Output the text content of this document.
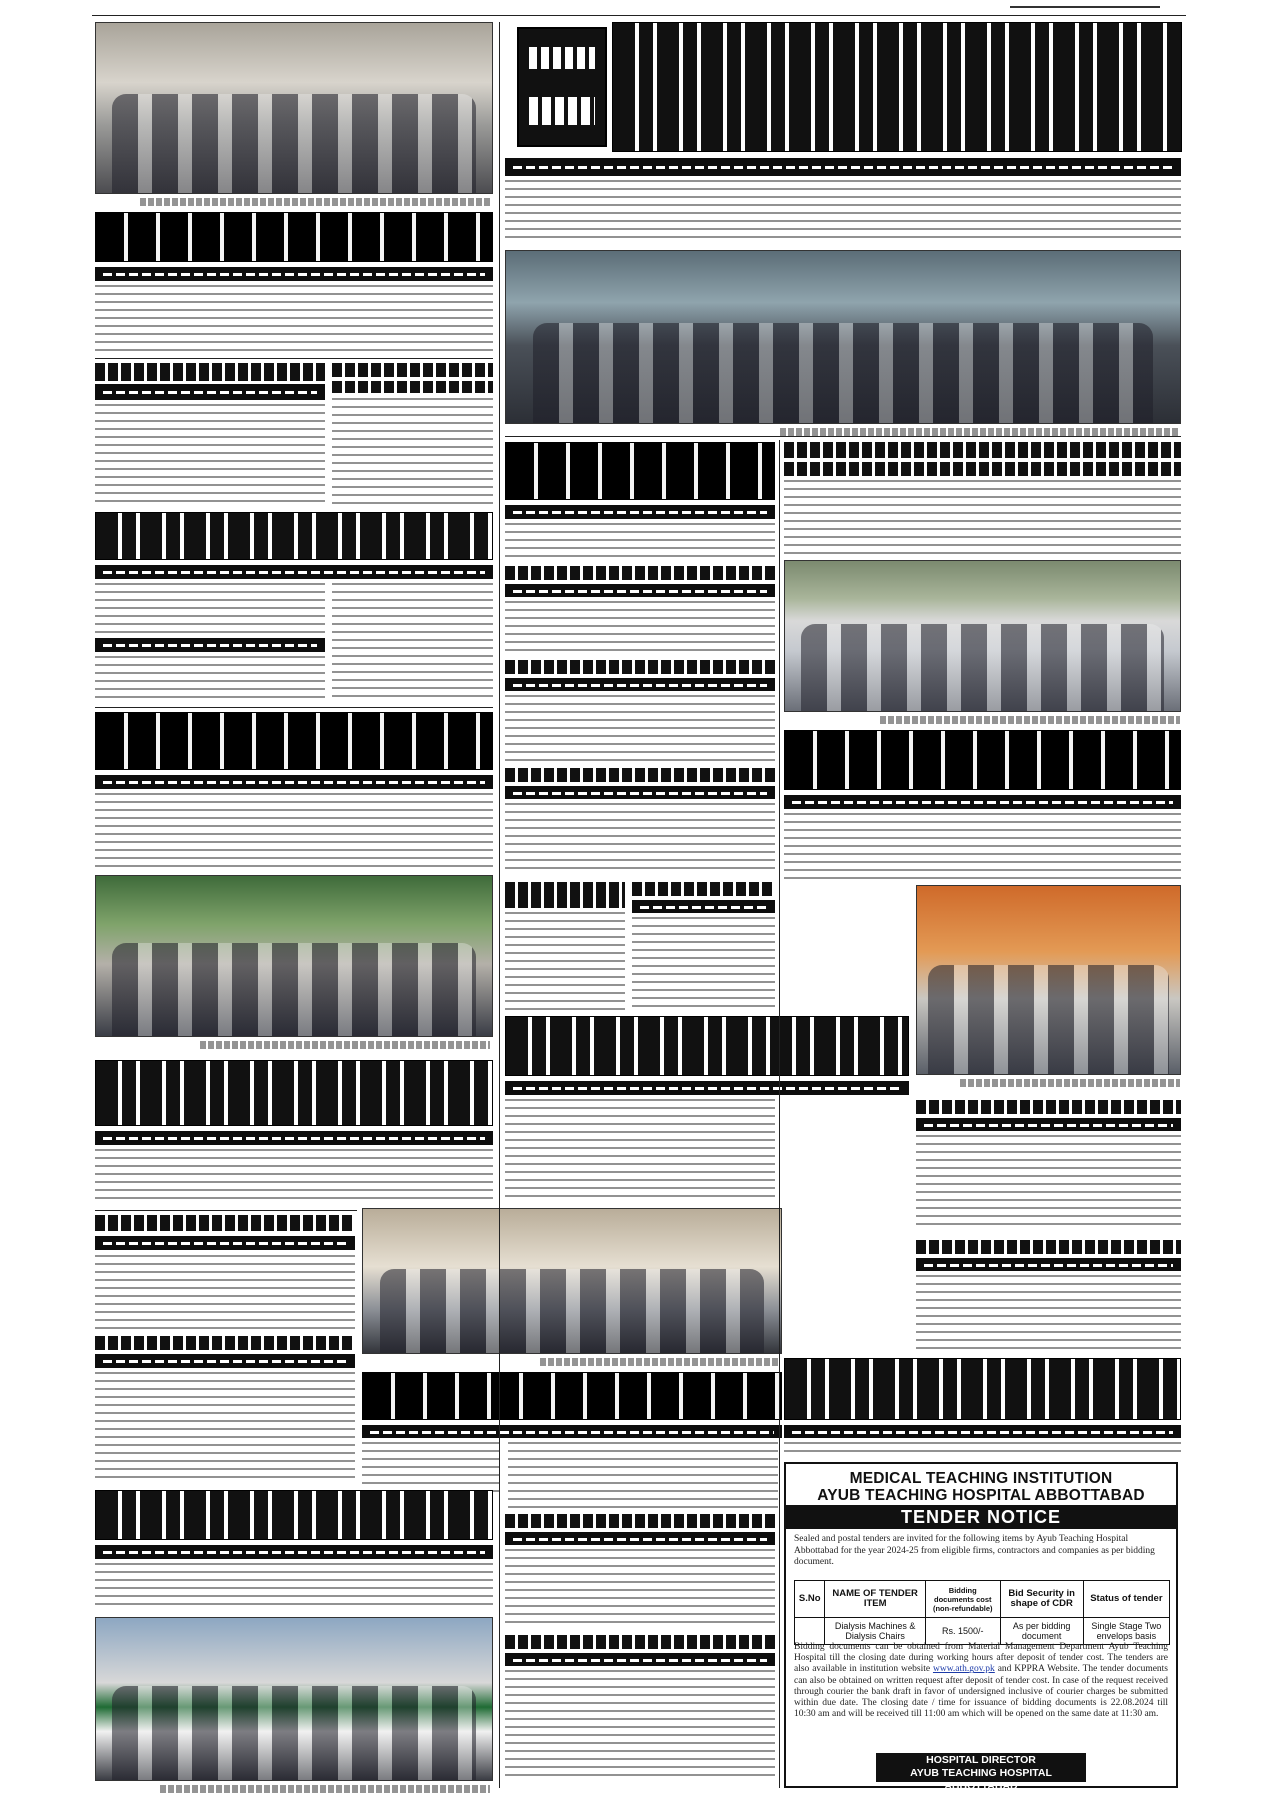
MEDICAL TEACHING INSTITUTION
AYUB TEACHING HOSPITAL ABBOTTABAD
TENDER NOTICE
Sealed and postal tenders are invited for the following items by Ayub Teaching Hospital Abbottabad for the year 2024-25 from eligible firms, contractors and companies as per bidding document.
S.No	NAME OF TENDER ITEM	Bidding documents cost (non-refundable)	Bid Security in shape of CDR	Status of tender
	Dialysis Machines & Dialysis Chairs	Rs. 1500/-	As per bidding document	Single Stage Two envelops basis
Bidding documents can be obtained from Material Management Department Ayub Teaching Hospital till the closing date during working hours after deposit of tender cost. The tenders are also available in institution website www.ath.gov.pk and KPPRA Website. The tender documents can also be obtained on written request after deposit of tender cost. In case of the request received through courier the bank draft in favor of undersigned inclusive of courier charges be submitted within due date. The closing date / time for issuance of bidding documents is 22.08.2024 till 10:30 am and will be received till 11:00 am which will be opened on the same date at 11:30 am.
HOSPITAL DIRECTOR
AYUB TEACHING HOSPITAL ABBOTTABAD
